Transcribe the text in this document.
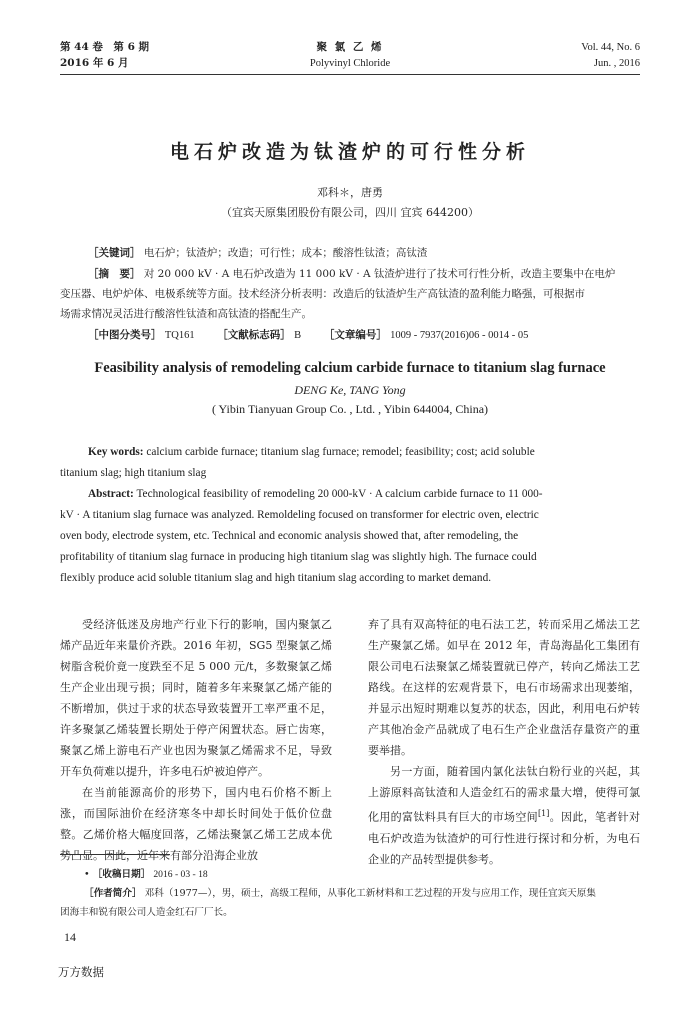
第 44 卷　第 6 期
2016 年 6 月
聚 氯 乙 烯
Polyvinyl Chloride
Vol. 44, No. 6
Jun. , 2016
电石炉改造为钛渣炉的可行性分析
邓科＊，唐勇
（宜宾天原集团股份有限公司，四川 宜宾 644200）
［关键词］ 电石炉；钛渣炉；改造；可行性；成本；酸溶性钛渣；高钛渣
［摘　要］ 对 20 000 kV · A 电石炉改造为 11 000 kV · A 钛渣炉进行了技术可行性分析，改造主要集中在电炉
变压器、电炉炉体、电极系统等方面。技术经济分析表明：改造后的钛渣炉生产高钛渣的盈利能力略强，可根据市
场需求情况灵活进行酸溶性钛渣和高钛渣的搭配生产。
［中图分类号］ TQ161 ［文献标志码］ B ［文章编号］ 1009 - 7937(2016)06 - 0014 - 05
Feasibility analysis of remodeling calcium carbide furnace to titanium slag furnace
DENG Ke, TANG Yong
( Yibin Tianyuan Group Co. , Ltd. , Yibin 644004, China)
Key words: calcium carbide furnace; titanium slag furnace; remodel; feasibility; cost; acid soluble
titanium slag; high titanium slag
Abstract: Technological feasibility of remodeling 20 000-kV · A calcium carbide furnace to 11 000-
kV · A titanium slag furnace was analyzed. Remoldeling focused on transformer for electric oven, electric
oven body, electrode system, etc. Technical and economic analysis showed that, after remodeling, the
profitability of titanium slag furnace in producing high titanium slag was slightly high. The furnace could
flexibly produce acid soluble titanium slag and high titanium slag according to market demand.

受经济低迷及房地产行业下行的影响，国内聚氯乙烯产品近年来量价齐跌。2016 年初，SG5 型聚氯乙烯树脂含税价竟一度跌至不足 5 000 元/t，多数聚氯乙烯生产企业出现亏损；同时，随着多年来聚氯乙烯产能的不断增加，供过于求的状态导致装置开工率严重不足，许多聚氯乙烯装置长期处于停产闲置状态。唇亡齿寒，聚氯乙烯上游电石产业也因为聚氯乙烯需求不足，导致开车负荷难以提升，许多电石炉被迫停产。

在当前能源高价的形势下，国内电石价格不断上涨，而国际油价在经济寒冬中却长时间处于低价位盘整。乙烯价格大幅度回落，乙烯法聚氯乙烯工艺成本优势凸显。因此，近年来有部分沿海企业放

弃了具有双高特征的电石法工艺，转而采用乙烯法工艺生产聚氯乙烯。如早在 2012 年，青岛海晶化工集团有限公司电石法聚氯乙烯装置就已停产，转向乙烯法工艺路线。在这样的宏观背景下，电石市场需求出现萎缩，并显示出短时期难以复苏的状态，因此，利用电石炉转产其他冶金产品就成了电石生产企业盘活存量资产的重要举措。

另一方面，随着国内氯化法钛白粉行业的兴起，其上游原料高钛渣和人造金红石的需求量大增，使得可氯化用的富钛料具有巨大的市场空间[1]。因此，笔者针对电石炉改造为钛渣炉的可行性进行探讨和分析，为电石企业的产品转型提供参考。

• ［收稿日期］ 2016 - 03 - 18
［作者简介］ 邓科（1977—），男，硕士，高级工程师，从事化工新材料和工艺过程的开发与应用工作，现任宜宾天原集
团海丰和锐有限公司人造金红石厂厂长。
14
万方数据
